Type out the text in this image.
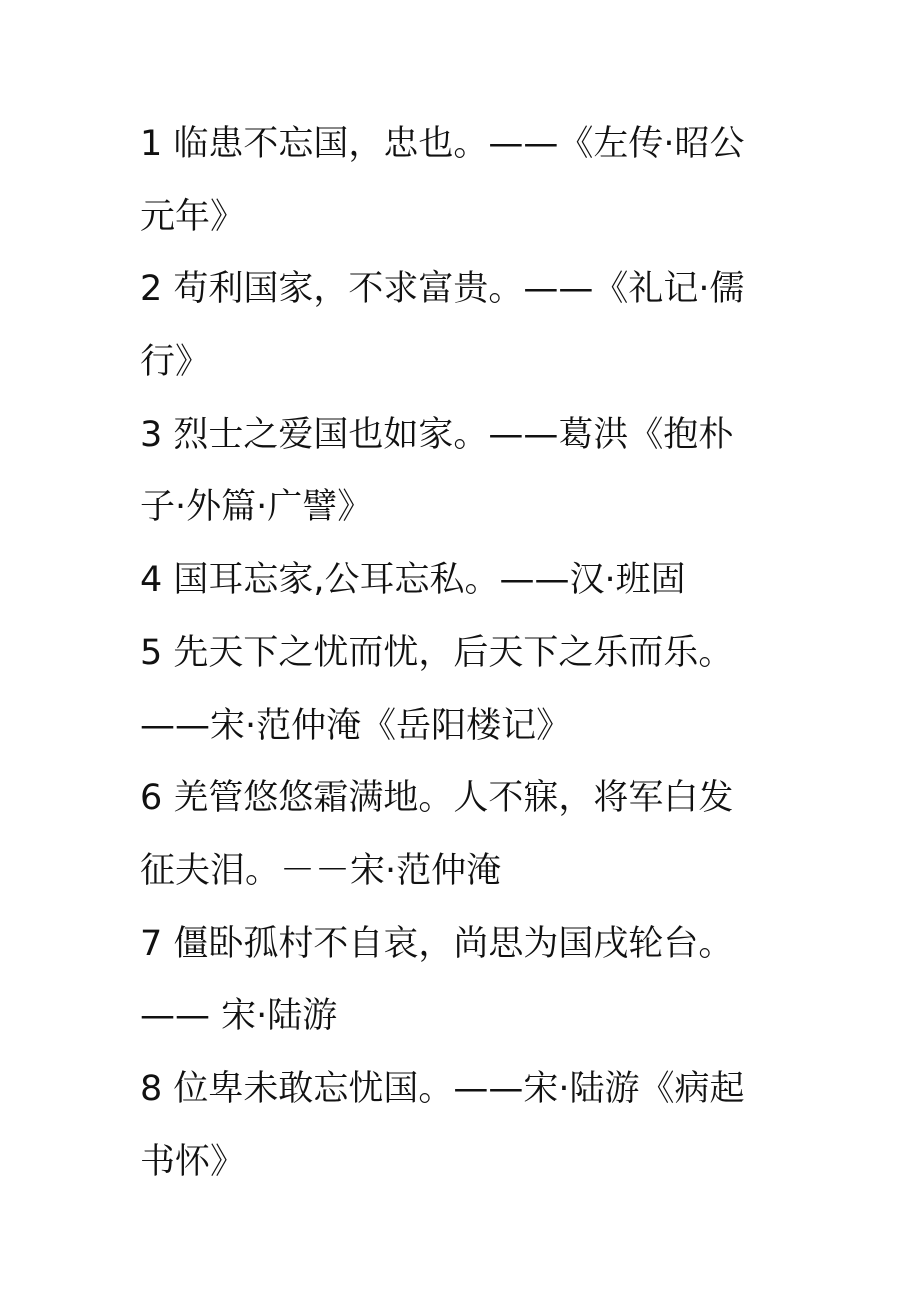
1 临患不忘国，忠也。——《左传·昭公
元年》
2 苟利国家，不求富贵。——《礼记·儒
行》
3 烈士之爱国也如家。——葛洪《抱朴
子·外篇·广譬》
4 国耳忘家,公耳忘私。——汉·班固
5 先天下之忧而忧，后天下之乐而乐。
——宋·范仲淹《岳阳楼记》
6 羌管悠悠霜满地。人不寐，将军白发
征夫泪。－－宋·范仲淹
7 僵卧孤村不自哀，尚思为国戌轮台。
—— 宋·陆游
8 位卑未敢忘忧国。——宋·陆游《病起
书怀》
